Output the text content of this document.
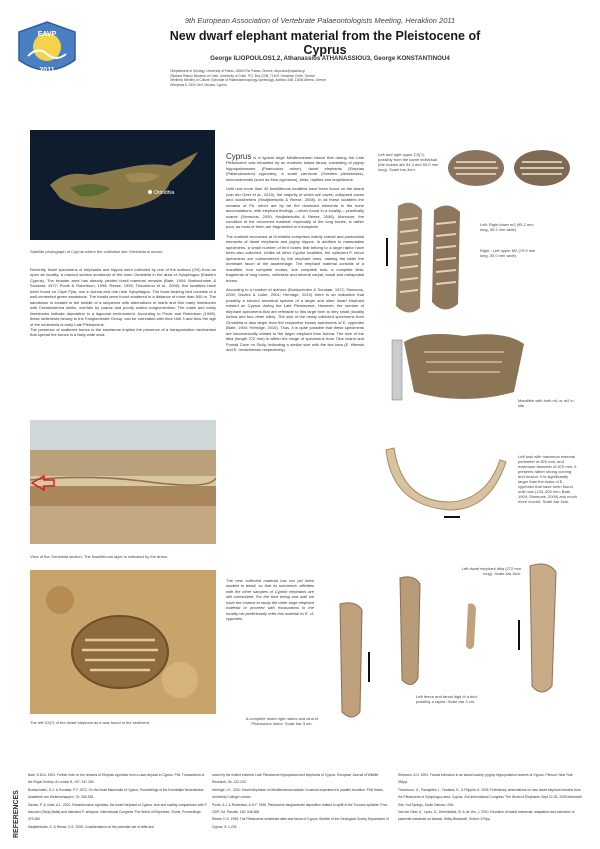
EAVP
2011
9th European Association of Vertebrate Palaeontologists Meeting, Heraklion 2011
New dwarf elephant material from the Pleistocene of Cyprus
George ILIOPOULOS1,2, Athanassios ATHANASSIOU3, George KONSTANTINOU4
1Department of Geology, University of Patras, 26504 Rio Patras, Greece, iliopoulos@upatras.gr
2Natural History Museum of Crete, University of Crete, P.O. Box 2208, 71409, Heraklion Crete, Greece
3Hellenic Ministry of Culture, Ephorate of Palaeoanthropology-Speleology, Ardittou 34B, 11636 Athens, Greece
4Kerynias 6, 2300 Geri, Nicosia, Cyprus
Ormidhia
Satellite photograph of Cyprus where the collection site Ormidelia is shown
Recently, fossil specimens of elephants and hippos were collected by one of the authors (GK) from an open air locality, a roadcut section southeast of the town Ormidelia in the area of Xylophagou (Eastern Cyprus). The broader area has already yielded fossil mammal remains (Bate, 1904; Boekschoten & Sondaar, 1972; Poole & Robertson, 1998; Reese, 1995; Theodorou et al., 2005): five localities have been found on Cape Pyla, one in Achna and one near Xylophagou. The bone-bearing bed consists of a well-cemented green sandstone. The fossils were found scattered in a distance of more than 500 m. The sandstone is located in the middle of a sequence with alternations of marls and thin marly limestones with Cerastoderma shells, overlain by coarse and poorly sorted conglomerates. The marls and marly limestones indicate deposition in a lagoonal environment. According to Poole and Robertson (1998), these sediments belong to the Fanglomerate Group, can be correlated with their Unit 3 and thus the age of the sediments is early Late Pleistocene.
The presence of scattered bones in the sandstone implies the presence of a transportation mechanism that spread the bones in a fairly wide area.
View of the Ormidelia section. The fossiliferous layer is indicated by the arrow.
The left D3(?) of the dwarf elephant as it was found in the sediment.
Cyprus is a typical large Mediterranean island that during the Late Pleistocene was inhabited by an endemic island fauna, consisting of pigmy hippopotamuses (Phanourios minor), dwarf elephants (Elephas (Palaeoloxodon) cypriotes), a small carnivore (Genetta plesictoides), micromammals (such as Mus cypriacus), birds, reptiles and amphibians.

Until now more than 40 fossiliferous localities have been found on the island (van der Geer et al., 2010), the majority of which are caves, collapsed caves and rockshelters (Hadjisterkotis & Reese, 2008). In all these localities the remains of Ph. minor are by far the dominant elements in the bone accumulations, with elephant findings —when found in a locality— practically scarce (Simmons, 2000; Hadjisterkotis & Reese, 2008). Moreover, the condition of the recovered material, especially of the long bones, is rather poor, as most of them are fragmented or incomplete.

The material recovered at Ormidelia comprises mainly cranial and postcranial elements of dwarf elephants and pigmy hippos. In addition to mammalian specimens, a small number of bird bones that belong to a large raptor have been also collected. Unlike all other Cypriot localities, the collected P. minor specimens are outnumbered by the elephant ones, making the latter the dominant taxon of the assemblage. The elephant material consists of a mandible, four complete molars, one complete tusk, a complete tibia, fragments of long bones, vertebrae and several carpal, tarsal and metapodial bones.

According to a number of authors (Boekschoten & Sondaar, 1972; Simmons, 2000; Davies & Lister, 2001; Herridge, 2010) there is an indication that possibly a second ancestral species of a larger and older dwarf elephant existed on Cyprus during the Late Pleistocene. However, the number of elephant specimens that are referable to this large form is very small (locality Achna and four other sites). The size of the newly collected specimens from Ormidelia is also larger than the respective known specimens of E. cypriotes (Bate, 1904; Herridge, 2010). Thus, it is quite possible that these specimens are taxonomically related to the larger elephant from Achna. The size of the tibia (length 272 mm) is within the range of specimens from Tilos Island and Puntali Cave on Sicily, indicating a similar size with the two taxa (E. tiliensis and E. mnaidriensis respectively).

The new collected material has not yet been studied in detail, so that its taxonomic affinities with the other samples of Cypriot elephants are still unresolved. For the time being and until we have the chance to study the other large elephant material or proceed with excavations in the locality we preliminarily refer this material to E. cf. cypriotes.
Left and right upper D3(?), possibly from the same individual (the molars are 54.4 and 53.0 mm long). Scale bar 3cm.
Left: Right lower m2 (95.2 mm long, 35.2 mm wide)
Right : Left upper M2 (79.9 mm long, 30.0 mm wide)
Mandible with both m1 or m2 in situ
Left tusk with maximum external perimeter of 820 mm, and maximum diameter of 570 mm. It presents rather strong curving and torsion. It is significantly larger than the tusks of E. cypriotes that have been found until now (133–400 mm; Bate, 1904; Simmons, 2000) and much more curved. Scale bar 3cm.
Left dwarf elephant tibia (272 mm long). Scale bar 3cm.
Left femur and tarsal digit of a bird, possibly a raptor. Scale bar 3 cm.
A complete fused right radius and ulna of Phanourios minor. Scale bar 3 cm.
REFERENCES

Bate, D.M.A. 1904. Further note on the remains of Elephas cypriotes from a cave-deposit in Cyprus. Phil. Transactions of the Royal Society of London B, 197: 347-360.

Boekschoten, G.J. & Sondaar, P.Y. 1972. On the fossil Mammalia of Cyprus. Proceedings of the Koninklijke Nederlandse Akademie van Wetenschappen, 75: 306-338.

Davies, P. & Lister, A.L. 2001. Palaeoloxodon cypriotes, the dwarf elephant of Cyprus: size and scaling comparisons with P. falconeri (Sicily-Malta) and mainland P. antiquus. International Congress 'The World of Elephants', Rome, Proceedings: 479-480.

Hadjisterkotis, E. & Reese, D.S. 2008. Considerations on the potential use of cliffs and

caves by the extinct endemic Late Pleistocene hippopotami and elephants of Cyprus. European Journal of Wildlife Research, 54: 122-133.

Herridge, V.L. 2010. Dwarf elephants on Mediterranean islands: A natural experiment in parallel evolution. PhD thesis, University College London.

Poole, A.J. & Robertson, A.H.F. 1998. Pleistocene fanglomerate deposition related to uplift of the Troodos ophiolite. Proc. ODP, Sci. Results, 160: 545-566.

Reese, D.S. 1995. The Pleistocene vertebrate sites and fauna of Cyprus. Bulletin of the Geological Survey Department of Cyprus, 9: 1-203.

Simmons, A.H. 2000. Faunal extinction in an island society: pygmy hippopotamus hunters of Cyprus. Plenum, New York: 381pp.

Theodorou, G., Panayides, I., Tsiolakis, E., & Filippidi, A. 2005. Preliminary observations on new dwarf elephant remains from the Pleistocene of Xylophagou area, Cyprus. 2nd International Congress 'The World of Elephants' Sept 22-25, 2005 Mammoth Site, Hot Springs, South Dakota, USA.

Van der Geer, A., Lyras, G., Dermitzakis, M. & de Vos, J. 2010. Evolution of island mammals: adaptation and extinction of placental mammals on islands. Wiley-Blackwell, Oxford: 479pp.
